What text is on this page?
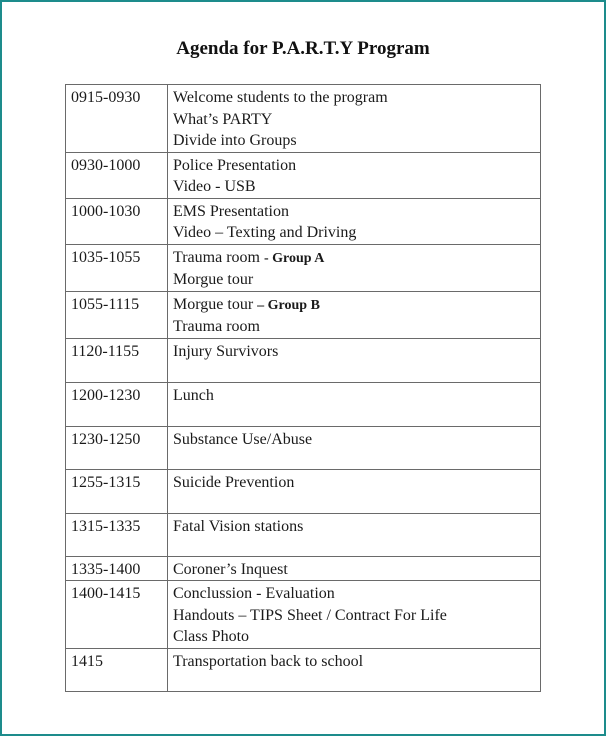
Agenda for P.A.R.T.Y Program
0915-0930	Welcome students to the program
What’s PARTY
Divide into Groups

0930-1000	Police Presentation
Video - USB

1000-1030	EMS Presentation
Video – Texting and Driving

1035-1055	Trauma room - Group A
Morgue tour

1055-1115	Morgue tour – Group B
Trauma room

1120-1155	Injury Survivors

1200-1230	Lunch

1230-1250	Substance Use/Abuse

1255-1315	Suicide Prevention

1315-1335	Fatal Vision stations

1335-1400	Coroner’s Inquest

1400-1415	Conclussion - Evaluation
Handouts – TIPS Sheet / Contract For Life
Class Photo

1415	Transportation back to school
